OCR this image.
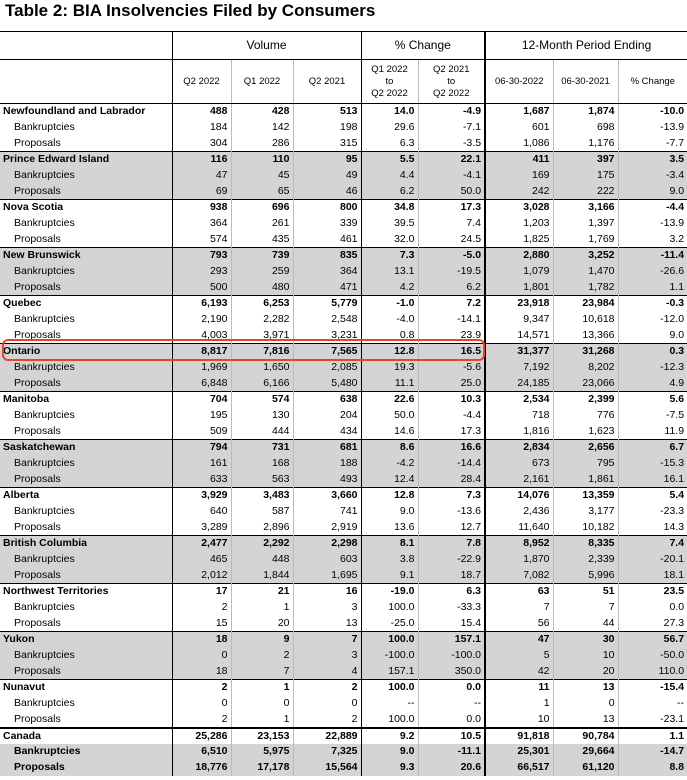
Table 2: BIA Insolvencies Filed by Consumers
	Volume			% Change		12-Month Period Ending		
	Q2 2022	Q1 2022	Q2 2021	Q1 2022
to
Q2 2022	Q2 2021
to
Q2 2022	06-30-2022	06-30-2021	% Change
Newfoundland and Labrador	488	428	513	14.0	-4.9	1,687	1,874	-10.0
Bankruptcies	184	142	198	29.6	-7.1	601	698	-13.9
Proposals	304	286	315	6.3	-3.5	1,086	1,176	-7.7
Prince Edward Island	116	110	95	5.5	22.1	411	397	3.5
Bankruptcies	47	45	49	4.4	-4.1	169	175	-3.4
Proposals	69	65	46	6.2	50.0	242	222	9.0
Nova Scotia	938	696	800	34.8	17.3	3,028	3,166	-4.4
Bankruptcies	364	261	339	39.5	7.4	1,203	1,397	-13.9
Proposals	574	435	461	32.0	24.5	1,825	1,769	3.2
New Brunswick	793	739	835	7.3	-5.0	2,880	3,252	-11.4
Bankruptcies	293	259	364	13.1	-19.5	1,079	1,470	-26.6
Proposals	500	480	471	4.2	6.2	1,801	1,782	1.1
Quebec	6,193	6,253	5,779	-1.0	7.2	23,918	23,984	-0.3
Bankruptcies	2,190	2,282	2,548	-4.0	-14.1	9,347	10,618	-12.0
Proposals	4,003	3,971	3,231	0.8	23.9	14,571	13,366	9.0
Ontario	8,817	7,816	7,565	12.8	16.5	31,377	31,268	0.3
Bankruptcies	1,969	1,650	2,085	19.3	-5.6	7,192	8,202	-12.3
Proposals	6,848	6,166	5,480	11.1	25.0	24,185	23,066	4.9
Manitoba	704	574	638	22.6	10.3	2,534	2,399	5.6
Bankruptcies	195	130	204	50.0	-4.4	718	776	-7.5
Proposals	509	444	434	14.6	17.3	1,816	1,623	11.9
Saskatchewan	794	731	681	8.6	16.6	2,834	2,656	6.7
Bankruptcies	161	168	188	-4.2	-14.4	673	795	-15.3
Proposals	633	563	493	12.4	28.4	2,161	1,861	16.1
Alberta	3,929	3,483	3,660	12.8	7.3	14,076	13,359	5.4
Bankruptcies	640	587	741	9.0	-13.6	2,436	3,177	-23.3
Proposals	3,289	2,896	2,919	13.6	12.7	11,640	10,182	14.3
British Columbia	2,477	2,292	2,298	8.1	7.8	8,952	8,335	7.4
Bankruptcies	465	448	603	3.8	-22.9	1,870	2,339	-20.1
Proposals	2,012	1,844	1,695	9.1	18.7	7,082	5,996	18.1
Northwest Territories	17	21	16	-19.0	6.3	63	51	23.5
Bankruptcies	2	1	3	100.0	-33.3	7	7	0.0
Proposals	15	20	13	-25.0	15.4	56	44	27.3
Yukon	18	9	7	100.0	157.1	47	30	56.7
Bankruptcies	0	2	3	-100.0	-100.0	5	10	-50.0
Proposals	18	7	4	157.1	350.0	42	20	110.0
Nunavut	2	1	2	100.0	0.0	11	13	-15.4
Bankruptcies	0	0	0	--	--	1	0	--
Proposals	2	1	2	100.0	0.0	10	13	-23.1
Canada	25,286	23,153	22,889	9.2	10.5	91,818	90,784	1.1
Bankruptcies	6,510	5,975	7,325	9.0	-11.1	25,301	29,664	-14.7
Proposals	18,776	17,178	15,564	9.3	20.6	66,517	61,120	8.8
